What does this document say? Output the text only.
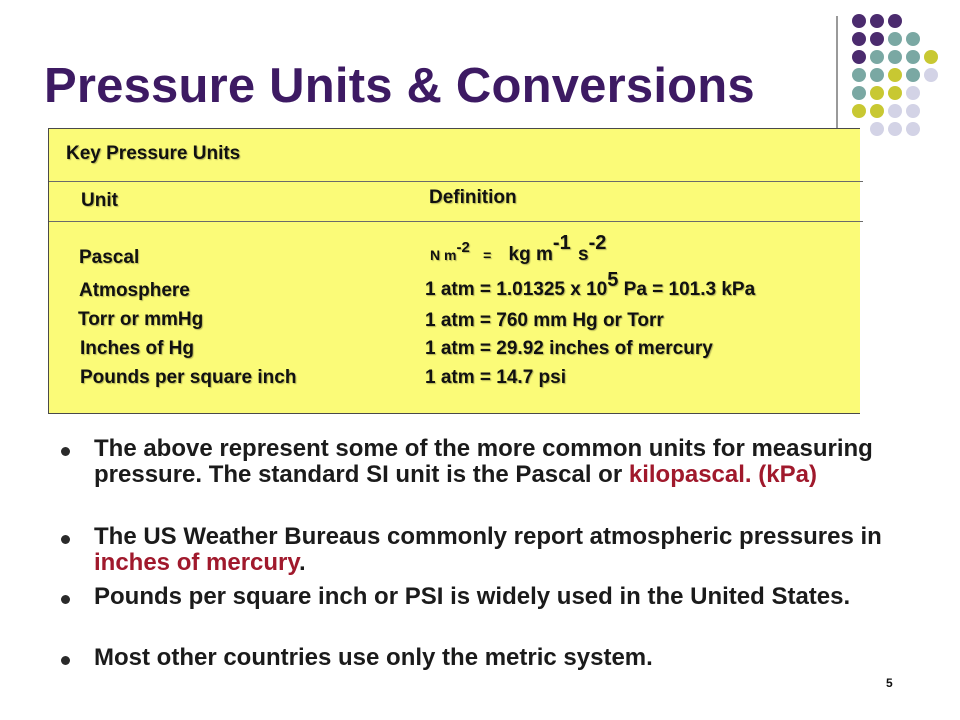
Pressure Units & Conversions
Key Pressure Units
Unit	Definition
Pascal	N $m^{-2}$ = kg $m^{-1}$ $s^{-2}$
Atmosphere	1 atm = 1.01325 x $10^5$ Pa = 101.3 kPa
Torr or mmHg	1 atm = 760 mm Hg or Torr
Inches of Hg	1 atm = 29.92 inches of mercury
Pounds per square inch	1 atm = 14.7 psi
The above represent some of the more common units for measuring pressure. The standard SI unit is the Pascal or kilopascal. (kPa)
The US Weather Bureaus commonly report atmospheric pressures in inches of mercury.
Pounds per square inch or PSI is widely used in the United States.
Most other countries use only the metric system.
5
